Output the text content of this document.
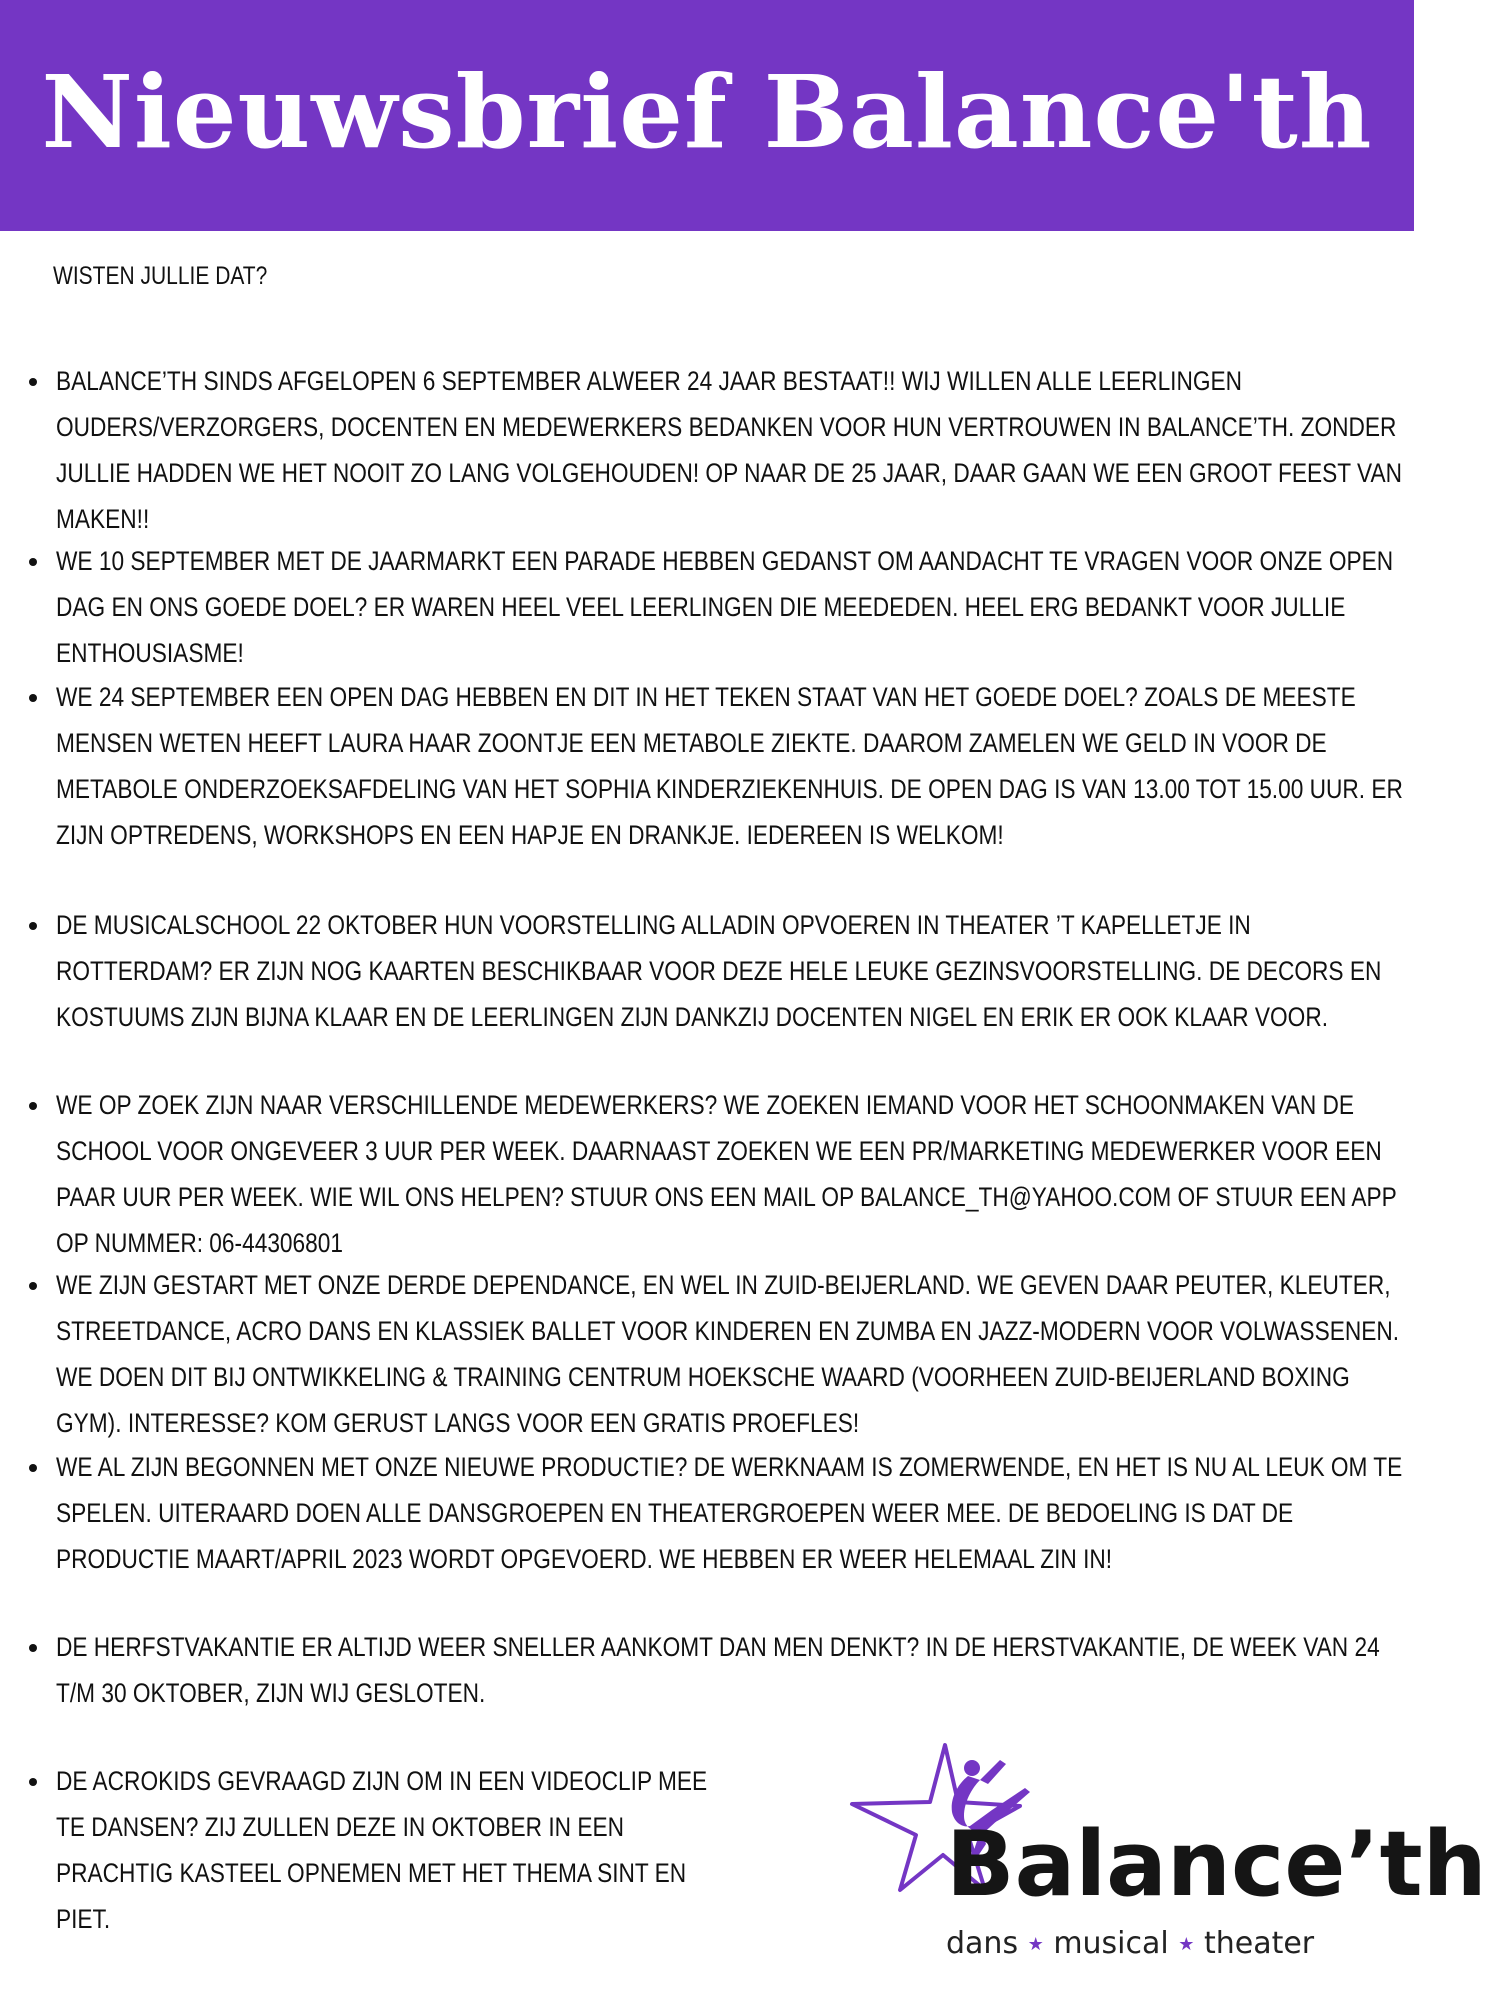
Nieuwsbrief Balance'th
WISTEN JULLIE DAT?
BALANCE’TH SINDS AFGELOPEN 6 SEPTEMBER ALWEER 24 JAAR BESTAAT!! WIJ WILLEN ALLE LEERLINGEN OUDERS/VERZORGERS, DOCENTEN EN MEDEWERKERS BEDANKEN VOOR HUN VERTROUWEN IN BALANCE’TH. ZONDER JULLIE HADDEN WE HET NOOIT ZO LANG VOLGEHOUDEN! OP NAAR DE 25 JAAR, DAAR GAAN WE EEN GROOT FEEST VAN MAKEN!!
WE 10 SEPTEMBER MET DE JAARMARKT EEN PARADE HEBBEN GEDANST OM AANDACHT TE VRAGEN VOOR ONZE OPEN DAG EN ONS GOEDE DOEL? ER WAREN HEEL VEEL LEERLINGEN DIE MEEDEDEN. HEEL ERG BEDANKT VOOR JULLIE ENTHOUSIASME!
WE 24 SEPTEMBER EEN OPEN DAG HEBBEN EN DIT IN HET TEKEN STAAT VAN HET GOEDE DOEL? ZOALS DE MEESTE MENSEN WETEN HEEFT LAURA HAAR ZOONTJE EEN METABOLE ZIEKTE. DAAROM ZAMELEN WE GELD IN VOOR DE METABOLE ONDERZOEKSAFDELING VAN HET SOPHIA KINDERZIEKENHUIS. DE OPEN DAG IS VAN 13.00 TOT 15.00 UUR. ER ZIJN OPTREDENS, WORKSHOPS EN EEN HAPJE EN DRANKJE. IEDEREEN IS WELKOM!
DE MUSICALSCHOOL 22 OKTOBER HUN VOORSTELLING ALLADIN OPVOEREN IN THEATER ’T KAPELLETJE IN ROTTERDAM? ER ZIJN NOG KAARTEN BESCHIKBAAR VOOR DEZE HELE LEUKE GEZINSVOORSTELLING. DE DECORS EN KOSTUUMS ZIJN BIJNA KLAAR EN DE LEERLINGEN ZIJN DANKZIJ DOCENTEN NIGEL EN ERIK ER OOK KLAAR VOOR.
WE OP ZOEK ZIJN NAAR VERSCHILLENDE MEDEWERKERS? WE ZOEKEN IEMAND VOOR HET SCHOONMAKEN VAN DE SCHOOL VOOR ONGEVEER 3 UUR PER WEEK. DAARNAAST ZOEKEN WE EEN PR/MARKETING MEDEWERKER VOOR EEN PAAR UUR PER WEEK. WIE WIL ONS HELPEN? STUUR ONS EEN MAIL OP BALANCE_TH@YAHOO.COM OF STUUR EEN APP OP NUMMER: 06-44306801
WE ZIJN GESTART MET ONZE DERDE DEPENDANCE, EN WEL IN ZUID-BEIJERLAND. WE GEVEN DAAR PEUTER, KLEUTER, STREETDANCE, ACRO DANS EN KLASSIEK BALLET VOOR KINDEREN EN ZUMBA EN JAZZ-MODERN VOOR VOLWASSENEN. WE DOEN DIT BIJ ONTWIKKELING & TRAINING CENTRUM HOEKSCHE WAARD (VOORHEEN ZUID-BEIJERLAND BOXING GYM). INTERESSE? KOM GERUST LANGS VOOR EEN GRATIS PROEFLES!
WE AL ZIJN BEGONNEN MET ONZE NIEUWE PRODUCTIE? DE WERKNAAM IS ZOMERWENDE, EN HET IS NU AL LEUK OM TE SPELEN. UITERAARD DOEN ALLE DANSGROEPEN EN THEATERGROEPEN WEER MEE. DE BEDOELING IS DAT DE PRODUCTIE MAART/APRIL 2023 WORDT OPGEVOERD. WE HEBBEN ER WEER HELEMAAL ZIN IN!
DE HERFSTVAKANTIE ER ALTIJD WEER SNELLER AANKOMT DAN MEN DENKT? IN DE HERSTVAKANTIE, DE WEEK VAN 24 T/M 30 OKTOBER, ZIJN WIJ GESLOTEN.
DE ACROKIDS GEVRAAGD ZIJN OM IN EEN VIDEOCLIP MEE TE DANSEN? ZIJ ZULLEN DEZE IN OKTOBER IN EEN PRACHTIG KASTEEL OPNEMEN MET HET THEMA SINT EN PIET.
Balance’th
dans ★ musical ★ theater
